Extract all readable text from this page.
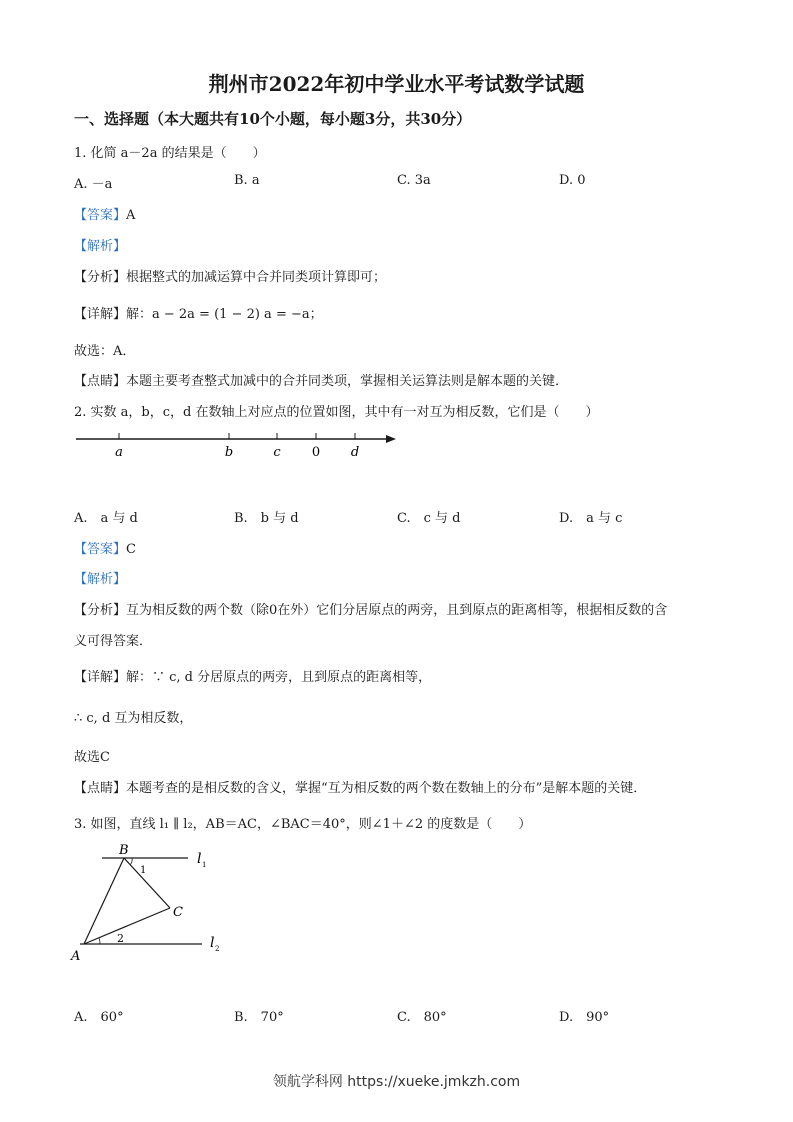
荆州市2022年初中学业水平考试数学试题
一、选择题（本大题共有10个小题，每小题3分，共30分）
1. 化简 a－2a 的结果是（　　）
A. －a	B. a	C. 3a	D. 0
【答案】A
【解析】
【分析】根据整式的加减运算中合并同类项计算即可；
【详解】解：a − 2a = (1 − 2) a = −a；
故选：A．
【点睛】本题主要考查整式加减中的合并同类项，掌握相关运算法则是解本题的关键．
2. 实数 a，b，c，d 在数轴上对应点的位置如图，其中有一对互为相反数，它们是（　　）
a	b	c 0 d
A.　a 与 d	B.　b 与 d	C.　c 与 d	D.　a 与 c
【答案】C
【解析】
【分析】互为相反数的两个数（除0在外）它们分居原点的两旁，且到原点的距离相等，根据相反数的含
义可得答案．
【详解】解：∵ c, d 分居原点的两旁，且到原点的距离相等，
∴ c, d 互为相反数，
故选C
【点睛】本题考查的是相反数的含义，掌握“互为相反数的两个数在数轴上的分布”是解本题的关键．
3. 如图，直线 l₁ ∥ l₂，AB＝AC，∠BAC＝40°，则∠1＋∠2 的度数是（　　）
B
C
A
1
2
l 1
l 2
A.　60°	B.　70°	C.　80°	D.　90°
领航学科网 https://xueke.jmkzh.com
